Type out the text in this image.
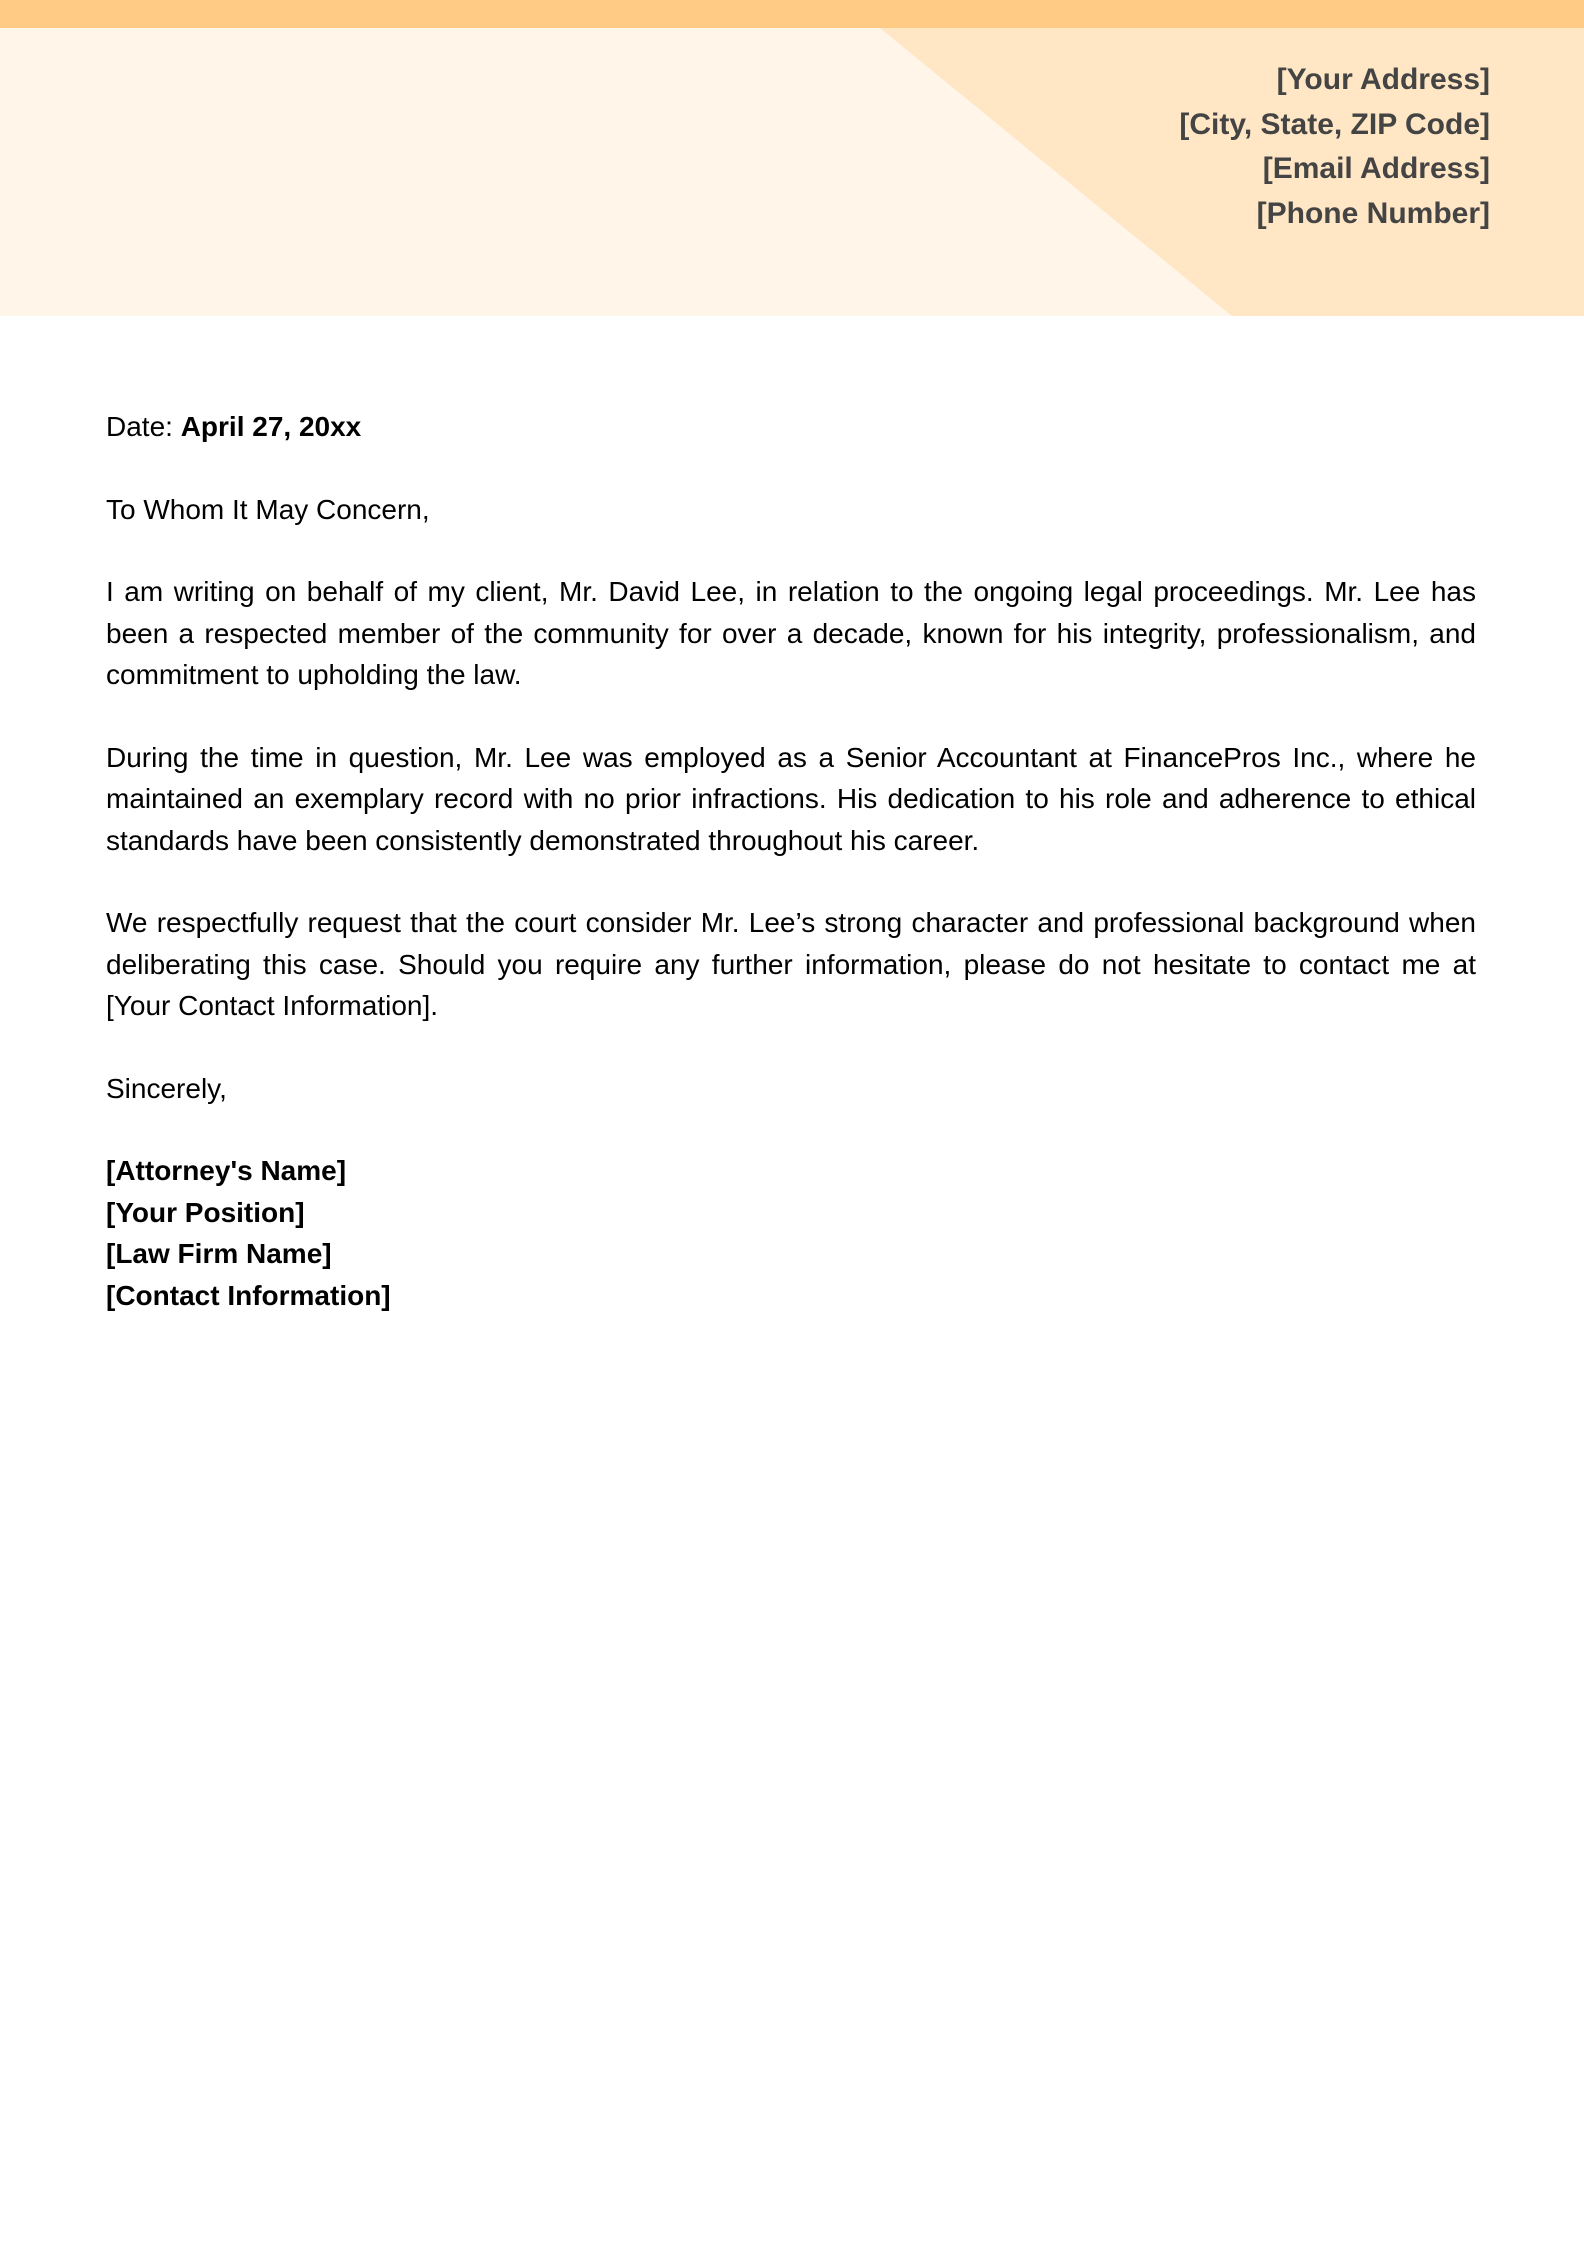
[Your Address]
[City, State, ZIP Code]
[Email Address]
[Phone Number]

Date: April 27, 20xx

To Whom It May Concern,

I am writing on behalf of my client, Mr. David Lee, in relation to the ongoing legal proceedings. Mr. Lee has been a respected member of the community for over a decade, known for his integrity, professionalism, and commitment to upholding the law.

During the time in question, Mr. Lee was employed as a Senior Accountant at FinancePros Inc., where he maintained an exemplary record with no prior infractions. His dedication to his role and adherence to ethical standards have been consistently demonstrated throughout his career.

We respectfully request that the court consider Mr. Lee’s strong character and professional background when deliberating this case. Should you require any further information, please do not hesitate to contact me at [Your Contact Information].

Sincerely,

[Attorney's Name]
[Your Position]
[Law Firm Name]
[Contact Information]
